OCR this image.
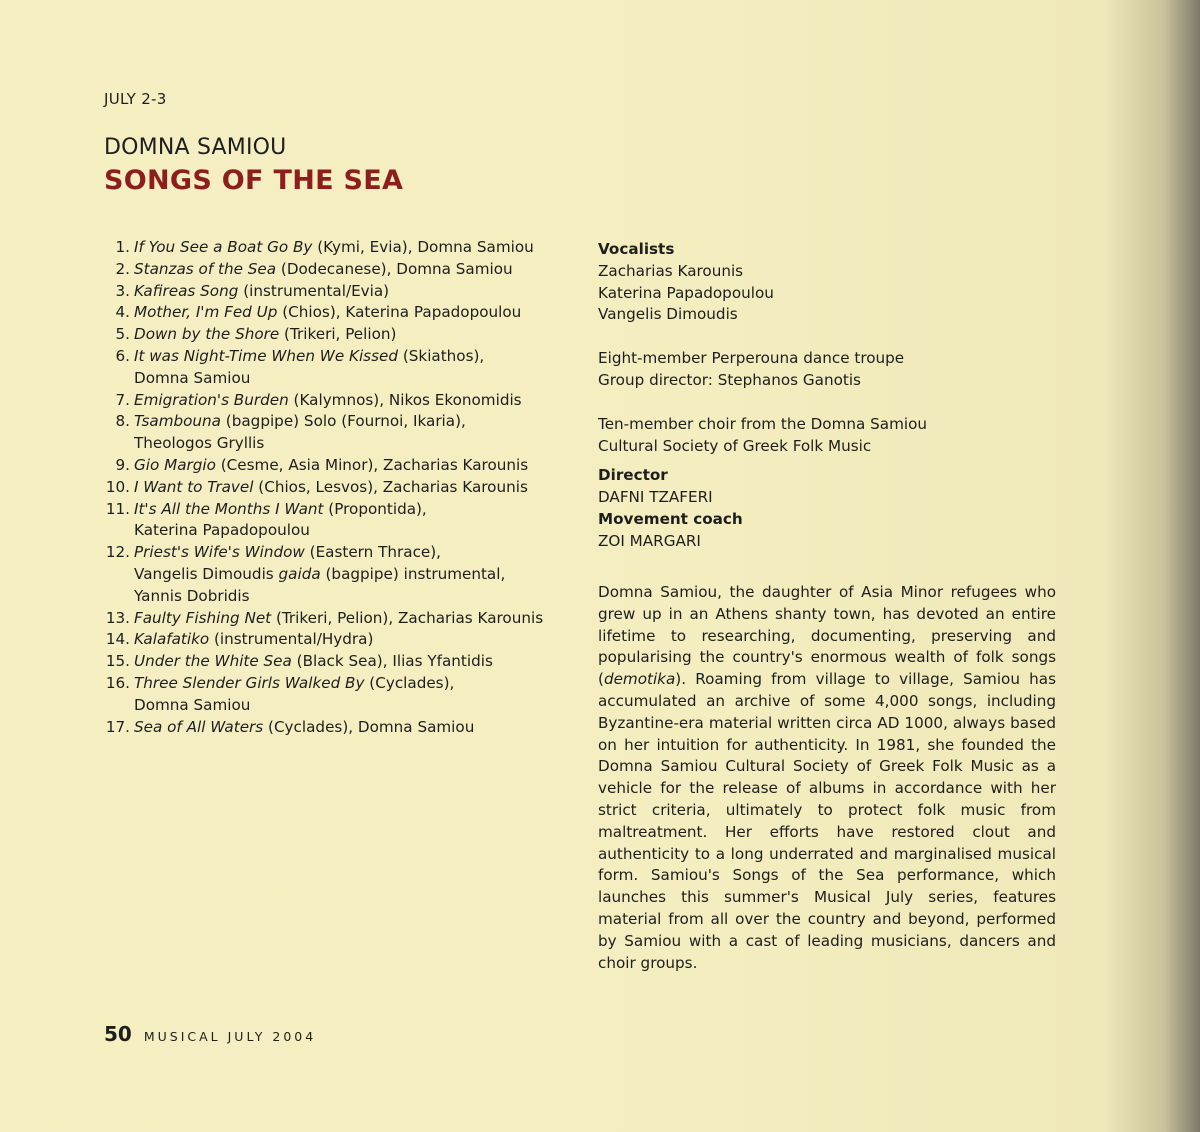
JULY 2-3
DOMNA SAMIOU
SONGS OF THE SEA
1. If You See a Boat Go By (Kymi, Evia), Domna Samiou
2. Stanzas of the Sea (Dodecanese), Domna Samiou
3. Kafireas Song (instrumental/Evia)
4. Mother, I'm Fed Up (Chios), Katerina Papadopoulou
5. Down by the Shore (Trikeri, Pelion)
6. It was Night-Time When We Kissed (Skiathos),
Domna Samiou
7. Emigration's Burden (Kalymnos), Nikos Ekonomidis
8. Tsambouna (bagpipe) Solo (Fournoi, Ikaria),
Theologos Gryllis
9. Gio Margio (Cesme, Asia Minor), Zacharias Karounis
10. I Want to Travel (Chios, Lesvos), Zacharias Karounis
11. It's All the Months I Want (Propontida),
Katerina Papadopoulou
12. Priest's Wife's Window (Eastern Thrace),
Vangelis Dimoudis gaida (bagpipe) instrumental,
Yannis Dobridis
13. Faulty Fishing Net (Trikeri, Pelion), Zacharias Karounis
14. Kalafatiko (instrumental/Hydra)
15. Under the White Sea (Black Sea), Ilias Yfantidis
16. Three Slender Girls Walked By (Cyclades),
Domna Samiou
17. Sea of All Waters (Cyclades), Domna Samiou
Vocalists
Zacharias Karounis
Katerina Papadopoulou
Vangelis Dimoudis
Eight-member Perperouna dance troupe
Group director: Stephanos Ganotis
Ten-member choir from the Domna Samiou
Cultural Society of Greek Folk Music
Director
DAFNI TZAFERI
Movement coach
ZOI MARGARI
Domna Samiou, the daughter of Asia Minor refugees who grew up in an Athens shanty town, has devoted an entire lifetime to researching, documenting, preserving and popularising the country's enormous wealth of folk songs (demotika). Roaming from village to village, Samiou has accumulated an archive of some 4,000 songs, including Byzantine-era material written circa AD 1000, always based on her intuition for authenticity. In 1981, she founded the Domna Samiou Cultural Society of Greek Folk Music as a vehicle for the release of albums in accordance with her strict criteria, ultimately to protect folk music from maltreatment. Her efforts have restored clout and authenticity to a long underrated and marginalised musical form. Samiou's Songs of the Sea performance, which launches this summer's Musical July series, features material from all over the country and beyond, performed by Samiou with a cast of leading musicians, dancers and choir groups.
50 MUSICAL JULY 2004
